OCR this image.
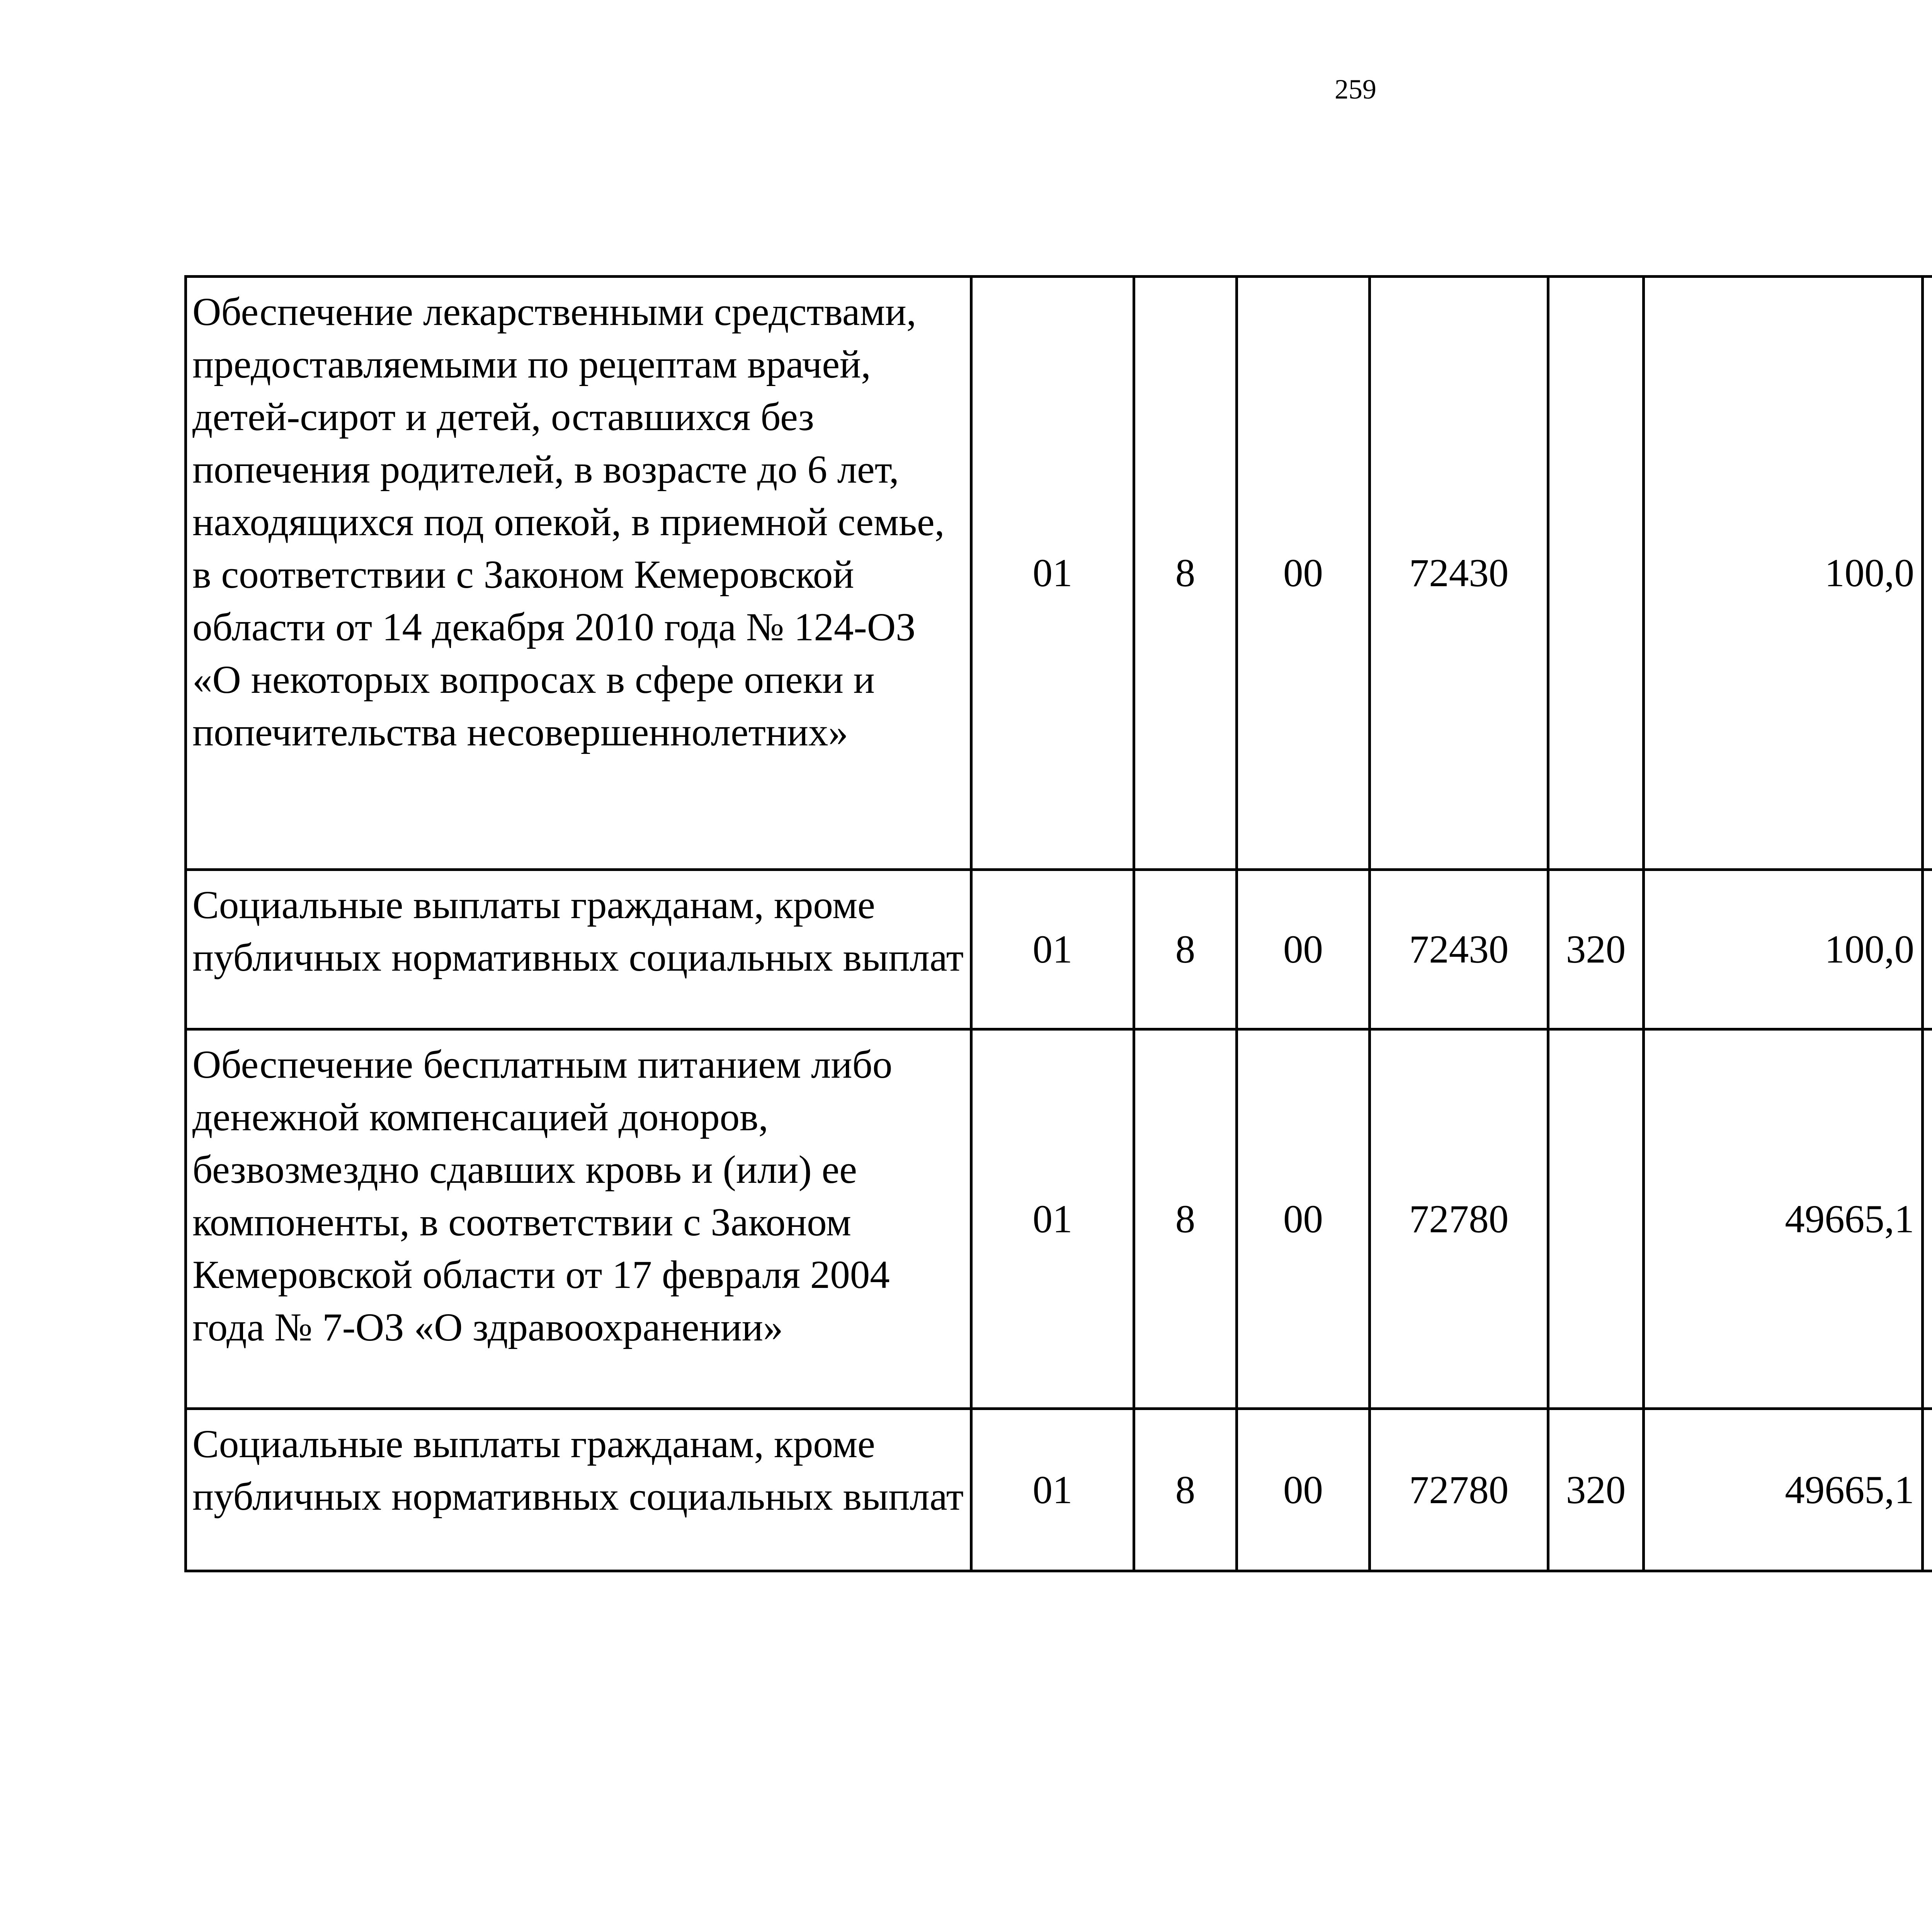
259
Обеспечение лекарственными средствами, предоставляемыми по рецептам врачей, детей-сирот и детей, оставшихся без попечения родителей, в возрасте до 6 лет, находящихся под опекой, в приемной семье, в соответствии с Законом Кемеровской области от 14 декабря 2010 года № 124-ОЗ «О некоторых вопросах в сфере опеки и попечительства несовершеннолетних»	01	8	00	72430		100,0		
Социальные выплаты гражданам, кроме публичных нормативных социальных выплат	01	8	00	72430	320	100,0		
Обеспечение бесплатным питанием либо денежной компенсацией доноров, безвозмездно сдавших кровь и (или) ее компоненты, в соответствии с Законом Кемеровской области от 17 февраля 2004 года № 7-ОЗ «О здравоохранении»	01	8	00	72780		49665,1		
Социальные выплаты гражданам, кроме публичных нормативных социальных выплат	01	8	00	72780	320	49665,1		
